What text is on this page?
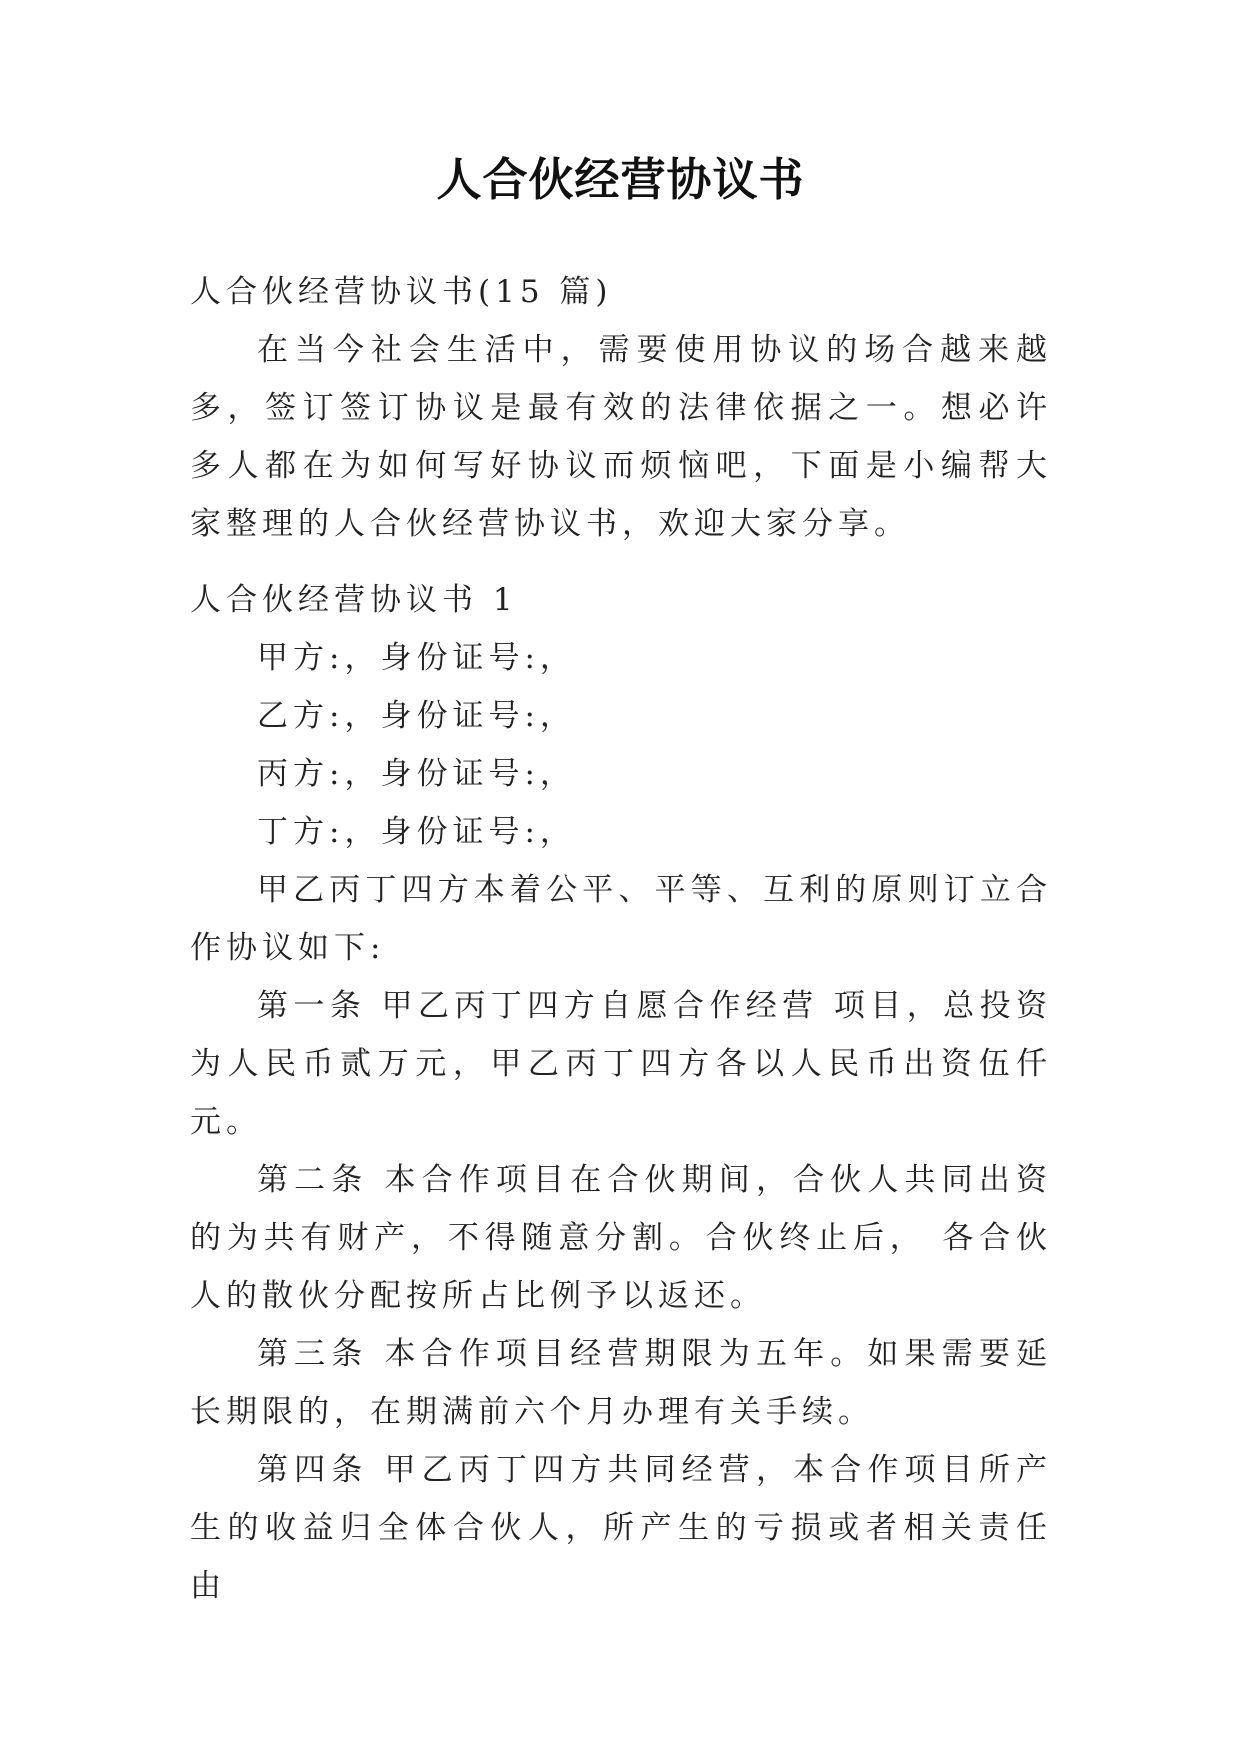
人合伙经营协议书

人合伙经营协议书(15 篇)

在当今社会生活中，需要使用协议的场合越来越多，签订签订协议是最有效的法律依据之一。想必许多人都在为如何写好协议而烦恼吧，下面是小编帮大家整理的人合伙经营协议书，欢迎大家分享。

人合伙经营协议书 1

甲方:，身份证号:，

乙方:，身份证号:，

丙方:，身份证号:，

丁方:，身份证号:，

甲乙丙丁四方本着公平、平等、互利的原则订立合作协议如下:

第一条 甲乙丙丁四方自愿合作经营 项目，总投资为人民币贰万元，甲乙丙丁四方各以人民币出资伍仟元。

第二条 本合作项目在合伙期间，合伙人共同出资的为共有财产，不得随意分割。合伙终止后， 各合伙人的散伙分配按所占比例予以返还。

第三条 本合作项目经营期限为五年。如果需要延长期限的，在期满前六个月办理有关手续。

第四条 甲乙丙丁四方共同经营，本合作项目所产生的收益归全体合伙人，所产生的亏损或者相关责任由
